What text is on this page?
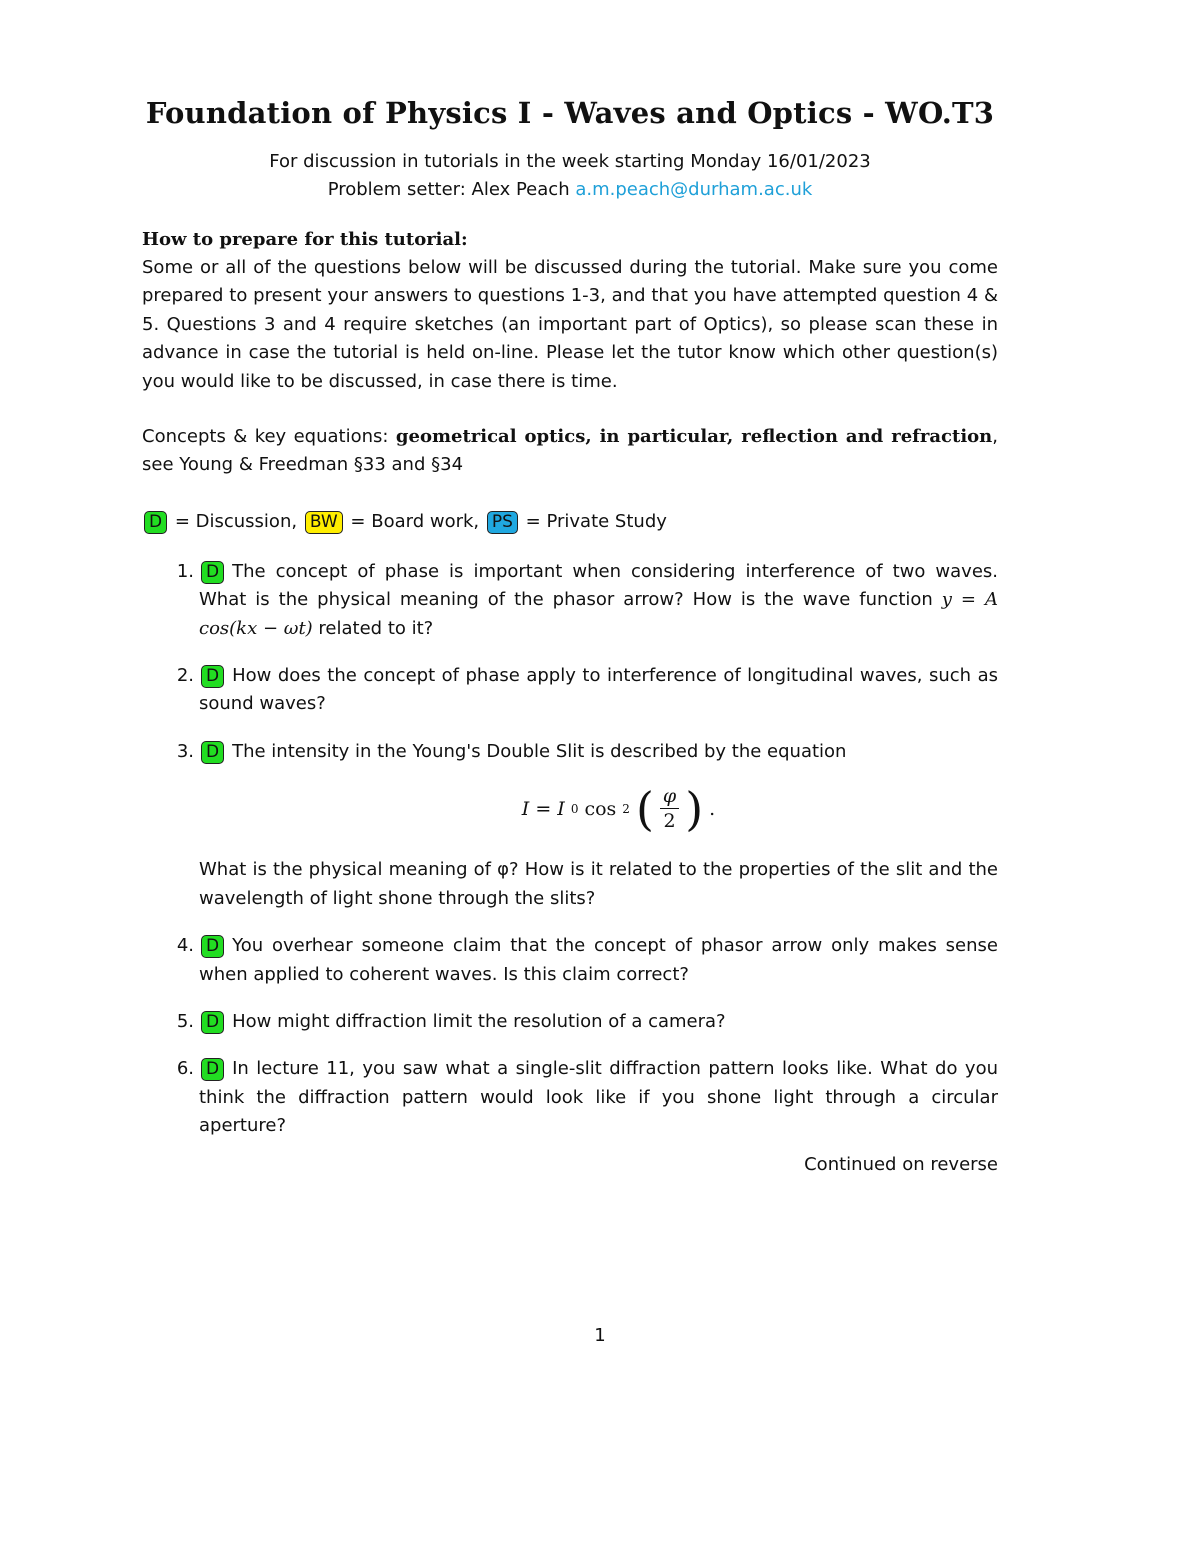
Foundation of Physics I - Waves and Optics - WO.T3
For discussion in tutorials in the week starting Monday 16/01/2023
Problem setter: Alex Peach a.m.peach@durham.ac.uk
How to prepare for this tutorial:

Some or all of the questions below will be discussed during the tutorial. Make sure you come prepared to present your answers to questions 1-3, and that you have attempted question 4 & 5. Questions 3 and 4 require sketches (an important part of Optics), so please scan these in advance in case the tutorial is held on-line. Please let the tutor know which other question(s) you would like to be discussed, in case there is time.

Concepts & key equations: geometrical optics, in particular, reflection and refraction, see Young & Freedman §33 and §34

D = Discussion, BW = Board work, PS = Private Study
1. D The concept of phase is important when considering interference of two waves. What is the physical meaning of the phasor arrow? How is the wave function y = A cos(kx − ωt) related to it?

2. D How does the concept of phase apply to interference of longitudinal waves, such as sound waves?

3. D The intensity in the Young's Double Slit is described by the equation

I = I 0 cos 2 ( $\frac{\varphi}{2}$ ) .

What is the physical meaning of φ? How is it related to the properties of the slit and the wavelength of light shone through the slits?

4. D You overhear someone claim that the concept of phasor arrow only makes sense when applied to coherent waves. Is this claim correct?

5. D How might diffraction limit the resolution of a camera?

6. D In lecture 11, you saw what a single-slit diffraction pattern looks like. What do you think the diffraction pattern would look like if you shone light through a circular aperture?

Continued on reverse
1
